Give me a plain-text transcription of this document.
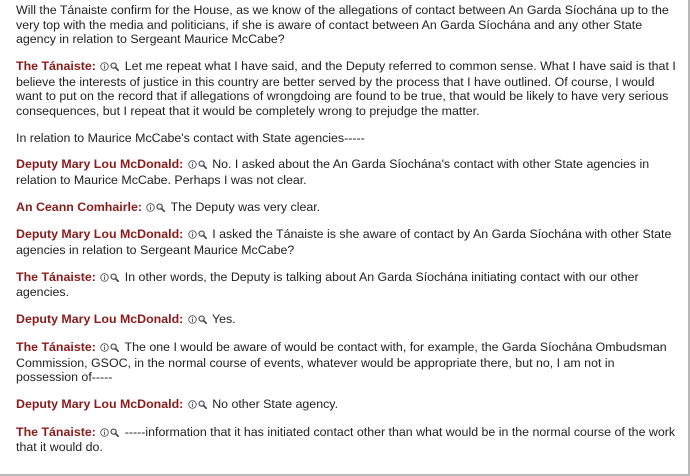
Will the Tánaiste confirm for the House, as we know of the allegations of contact between An Garda Síochána up to the very top with the media and politicians, if she is aware of contact between An Garda Síochána and any other State agency in relation to Sergeant Maurice McCabe?

The Tánaiste: Let me repeat what I have said, and the Deputy referred to common sense. What I have said is that I believe the interests of justice in this country are better served by the process that I have outlined. Of course, I would want to put on the record that if allegations of wrongdoing are found to be true, that would be likely to have very serious consequences, but I repeat that it would be completely wrong to prejudge the matter.

In relation to Maurice McCabe's contact with State agencies-----

Deputy Mary Lou McDonald: No. I asked about the An Garda Síochána's contact with other State agencies in relation to Maurice McCabe. Perhaps I was not clear.

An Ceann Comhairle: The Deputy was very clear.

Deputy Mary Lou McDonald: I asked the Tánaiste is she aware of contact by An Garda Síochána with other State agencies in relation to Sergeant Maurice McCabe?

The Tánaiste: In other words, the Deputy is talking about An Garda Síochána initiating contact with our other agencies.

Deputy Mary Lou McDonald: Yes.

The Tánaiste: The one I would be aware of would be contact with, for example, the Garda Síochána Ombudsman Commission, GSOC, in the normal course of events, whatever would be appropriate there, but no, I am not in possession of-----

Deputy Mary Lou McDonald: No other State agency.

The Tánaiste: -----information that it has initiated contact other than what would be in the normal course of the work that it would do.
